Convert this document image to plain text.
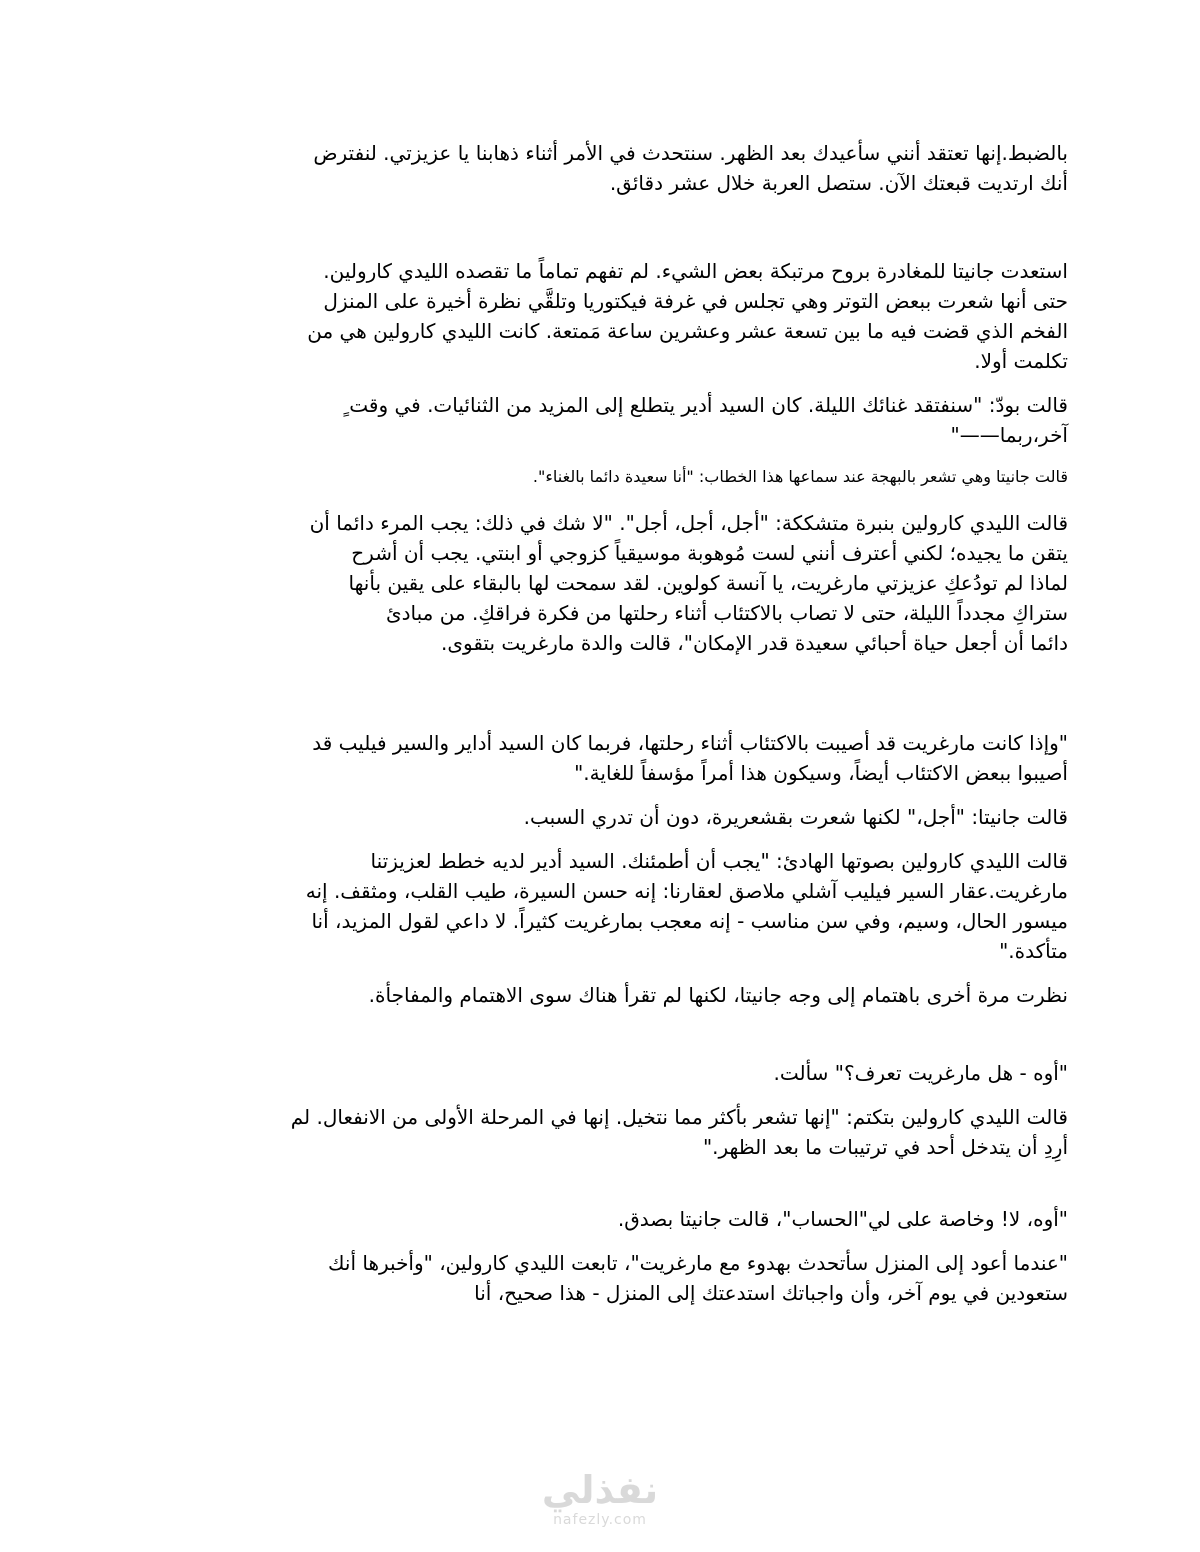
بالضبط.إنها تعتقد أنني سأعيدك بعد الظهر. سنتحدث في الأمر أثناء ذهابنا يا عزيزتي. لنفترض
أنك ارتديت قبعتك الآن. ستصل العربة خلال عشر دقائق.

استعدت جانيتا للمغادرة بروح مرتبكة بعض الشيء. لم تفهم تماماً ما تقصده الليدي كارولين.
حتى أنها شعرت ببعض التوتر وهي تجلس في غرفة فيكتوريا وتلقَّي نظرة أخيرة على المنزل
الفخم الذي قضت فيه ما بين تسعة عشر وعشرين ساعة مَمتعة. كانت الليدي كارولين هي من
تكلمت أولا.

قالت بودّ: "سنفتقد غنائك الليلة. كان السيد أدير يتطلع إلى المزيد من الثنائيات. في وقت ٍ
آخر،ربما——"

قالت جانيتا وهي تشعر بالبهجة عند سماعها هذا الخطاب: "أنا سعيدة دائما بالغناء".

قالت الليدي كارولين بنبرة متشككة: "أجل، أجل، أجل". "لا شك في ذلك: يجب المرء دائما أن
يتقن ما يجيده؛ لكني أعترف أنني لست مُوهوبة موسيقياً كزوجي أو ابنتي. يجب أن أشرح
لماذا لم تودُعكِ عزيزتي مارغريت، يا آنسة كولوين. لقد سمحت لها بالبقاء على يقين بأنها
ستراكِ مجدداً الليلة، حتى لا تصاب بالاكتئاب أثناء رحلتها من فكرة فراقكِ. من مبادئ
دائما أن أجعل حياة أحبائي سعيدة قدر الإمكان"، قالت والدة مارغريت بتقوى.

"وإذا كانت مارغريت قد أصيبت بالاكتئاب أثناء رحلتها، فربما كان السيد أداير والسير فيليب قد
أصيبوا ببعض الاكتئاب أيضاً، وسيكون هذا أمراً مؤسفاً للغاية."

قالت جانيتا: "أجل،" لكنها شعرت بقشعريرة، دون أن تدري السبب.

قالت الليدي كارولين بصوتها الهادئ: "يجب أن أطمئنك. السيد أدير لديه خطط لعزيزتنا
مارغريت.عقار السير فيليب آشلي ملاصق لعقارنا: إنه حسن السيرة، طيب القلب، ومثقف. إنه
ميسور الحال، وسيم، وفي سن مناسب - إنه معجب بمارغريت كثيراً. لا داعي لقول المزيد، أنا
متأكدة."

نظرت مرة أخرى باهتمام إلى وجه جانيتا، لكنها لم تقرأ هناك سوى الاهتمام والمفاجأة.

"أوه - هل مارغريت تعرف؟" سألت.

قالت الليدي كارولين بتكتم: "إنها تشعر بأكثر مما نتخيل. إنها في المرحلة الأولى من الانفعال. لم
أرِدِ أن يتدخل أحد في ترتيبات ما بعد الظهر."

"أوه، لا! وخاصة على لي"الحساب"، قالت جانيتا بصدق.

"عندما أعود إلى المنزل سأتحدث بهدوء مع مارغريت"، تابعت الليدي كارولين، "وأخبرها أنك
ستعودين في يوم آخر، وأن واجباتك استدعتك إلى المنزل - هذا صحيح، أنا

نفذلي
nafezly.com
